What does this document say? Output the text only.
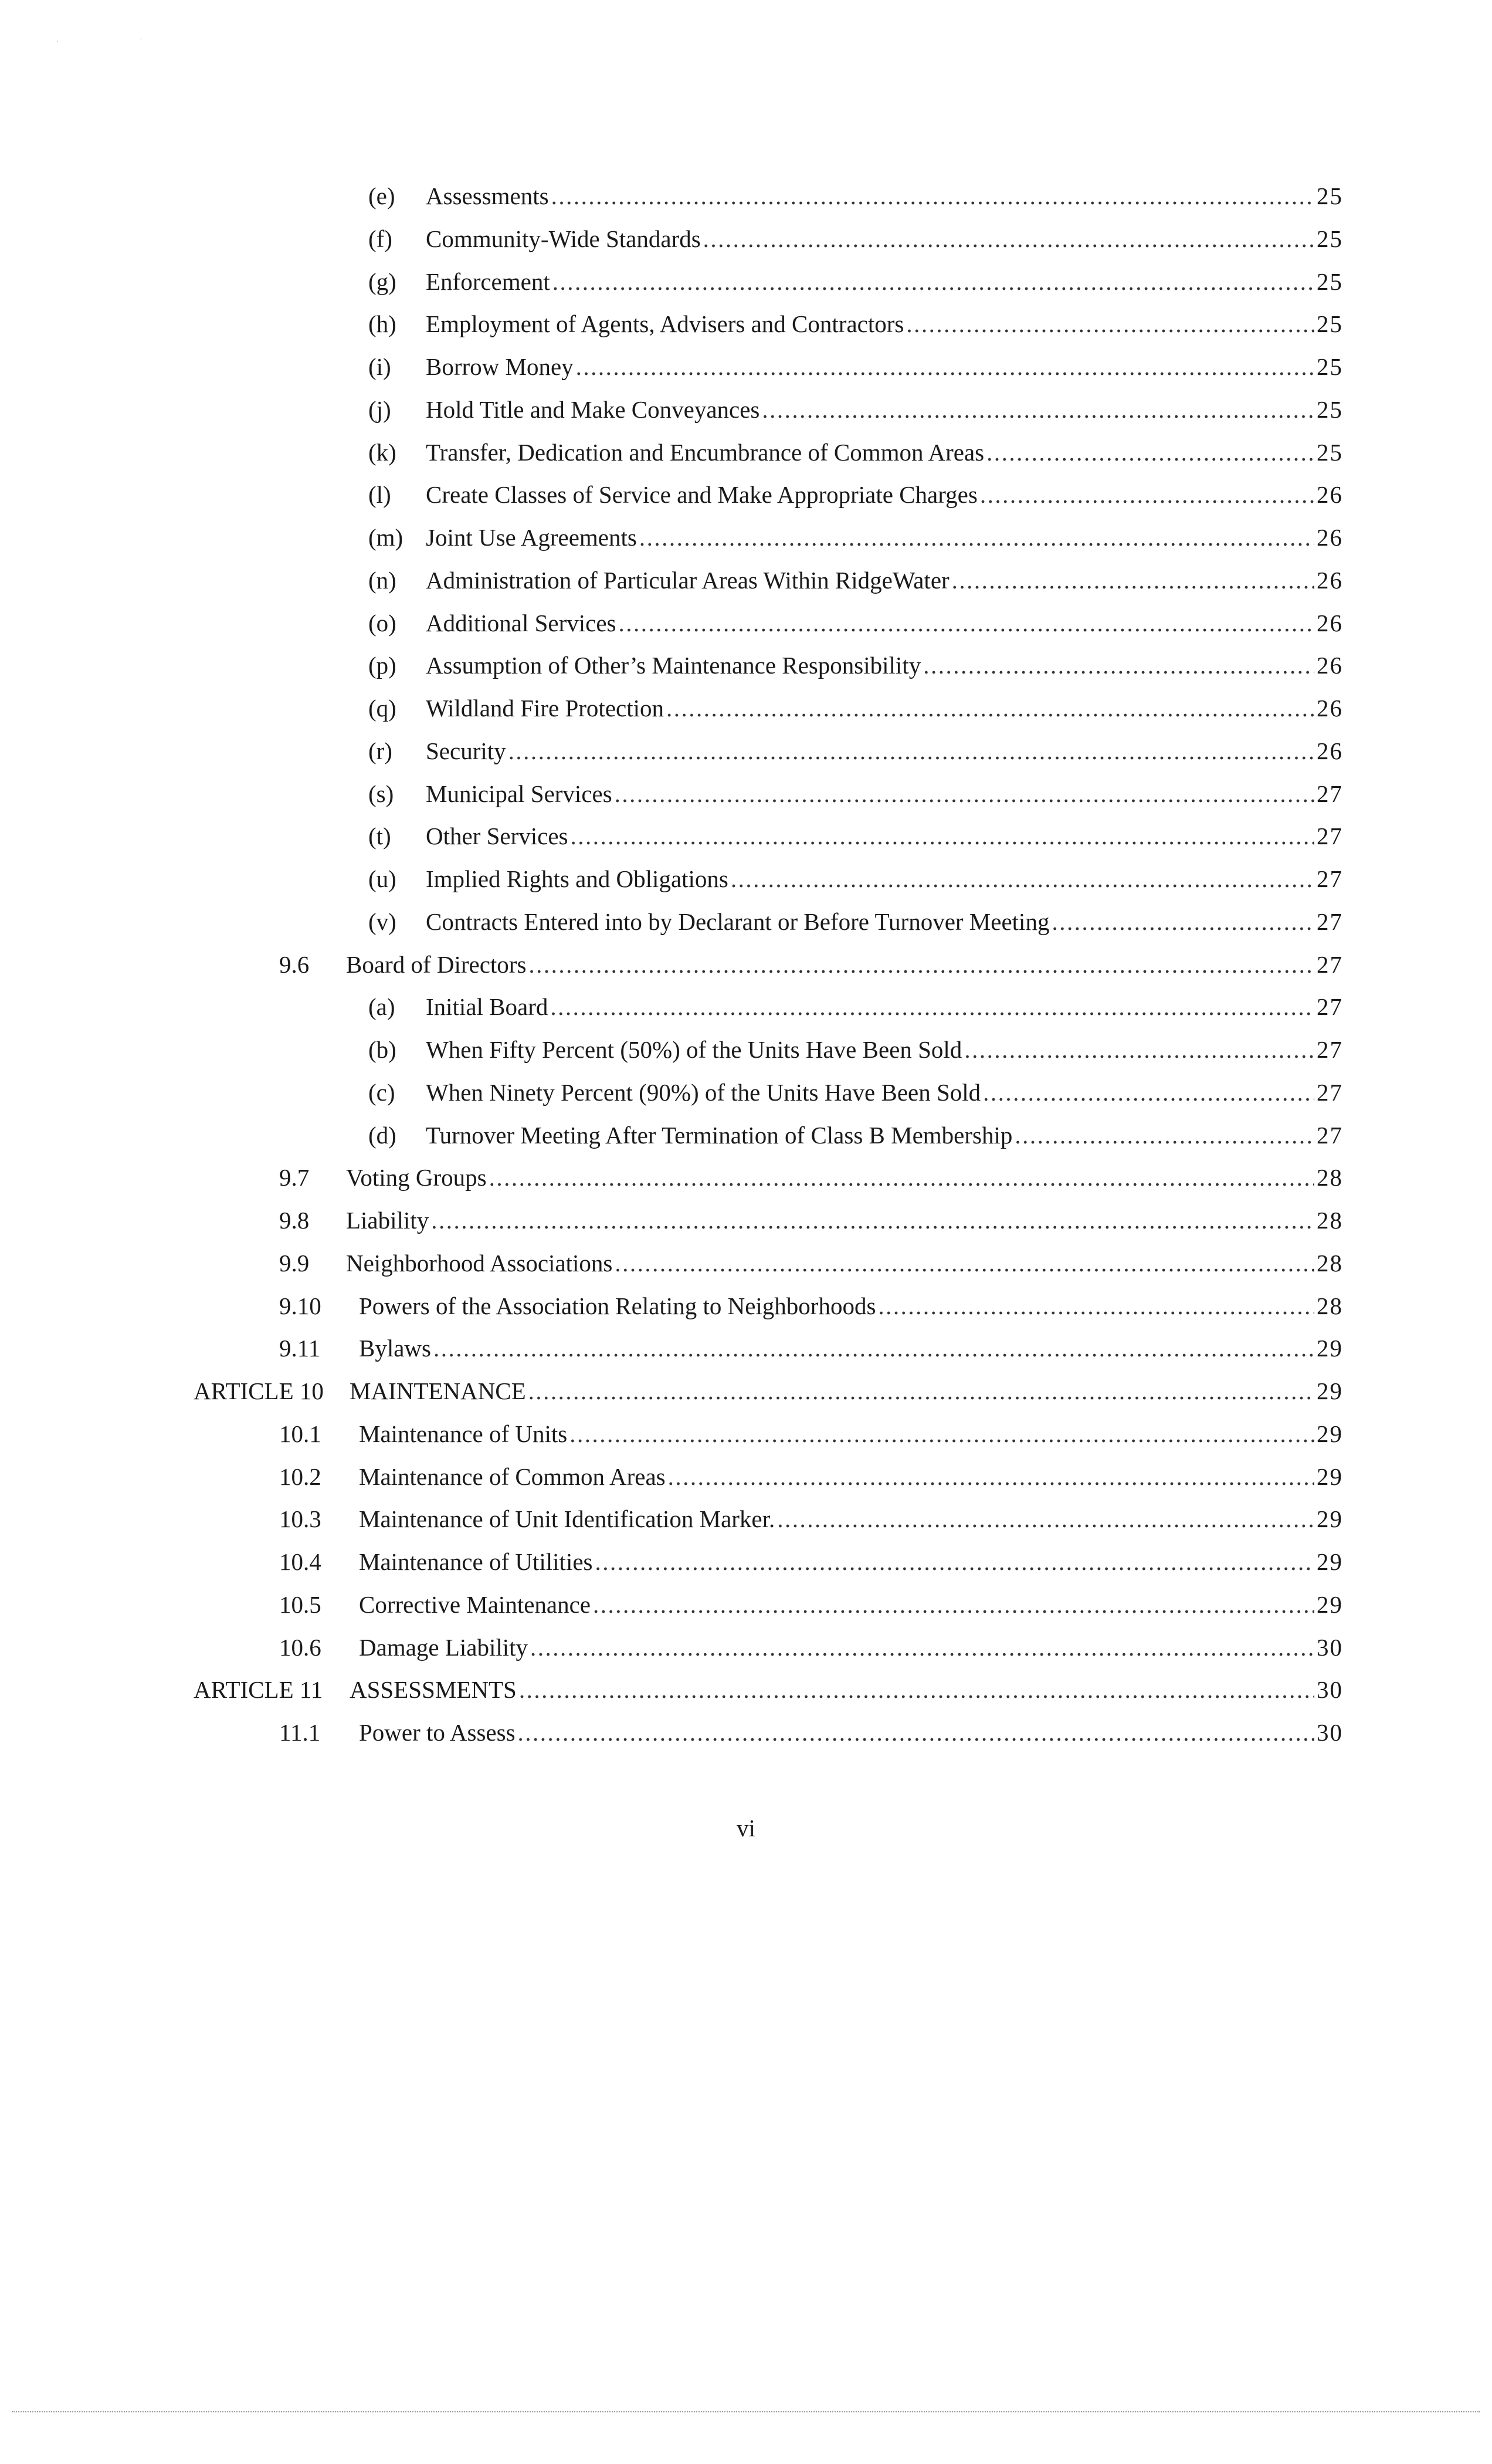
·	·
(e) Assessments .....	25
(f) Community-Wide Standards .....	25
(g) Enforcement .....	25
(h) Employment of Agents, Advisers and Contractors .....	25
(i) Borrow Money .....	25
(j) Hold Title and Make Conveyances .....	25
(k) Transfer, Dedication and Encumbrance of Common Areas .....	25
(l) Create Classes of Service and Make Appropriate Charges .....	26
(m) Joint Use Agreements .....	26
(n) Administration of Particular Areas Within RidgeWater .....	26
(o) Additional Services .....	26
(p) Assumption of Other’s Maintenance Responsibility .....	26
(q) Wildland Fire Protection .....	26
(r) Security .....	26
(s) Municipal Services .....	27
(t) Other Services .....	27
(u) Implied Rights and Obligations .....	27
(v) Contracts Entered into by Declarant or Before Turnover Meeting .....	27
9.6 Board of Directors .....	27
(a) Initial Board .....	27
(b) When Fifty Percent (50%) of the Units Have Been Sold .....	27
(c) When Ninety Percent (90%) of the Units Have Been Sold .....	27
(d) Turnover Meeting After Termination of Class B Membership .....	27
9.7 Voting Groups .....	28
9.8 Liability .....	28
9.9 Neighborhood Associations .....	28
9.10 Powers of the Association Relating to Neighborhoods .....	28
9.11 Bylaws .....	29
ARTICLE 10 MAINTENANCE .....	29
10.1 Maintenance of Units .....	29
10.2 Maintenance of Common Areas .....	29
10.3 Maintenance of Unit Identification Marker. .....	29
10.4 Maintenance of Utilities .....	29
10.5 Corrective Maintenance .....	29
10.6 Damage Liability .....	30
ARTICLE 11 ASSESSMENTS .....	30
11.1 Power to Assess .....	30
vi
